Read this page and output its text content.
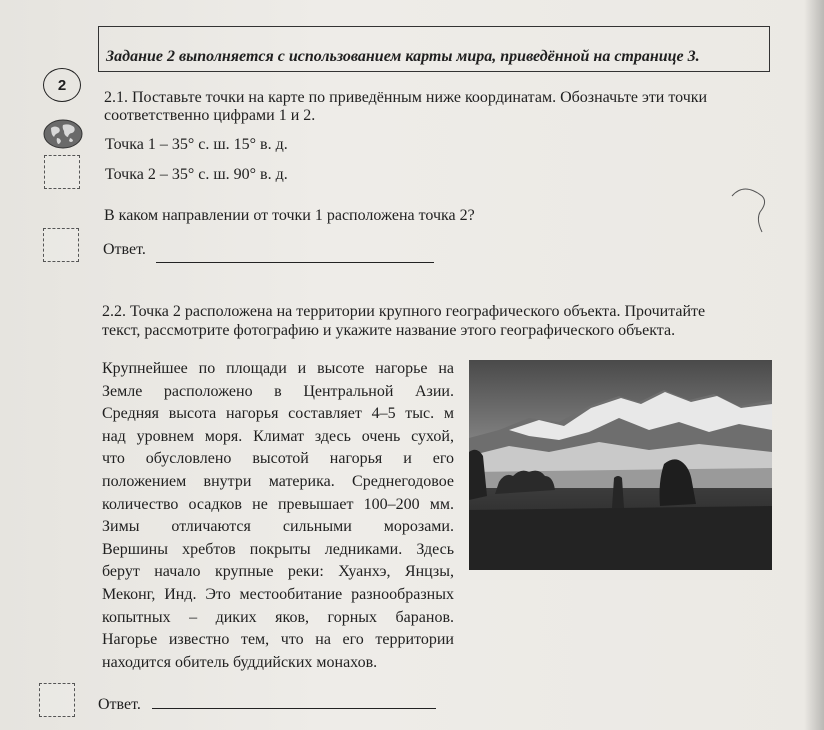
Задание 2 выполняется с использованием карты мира, приведённой на странице 3.
2
2.1. Поставьте точки на карте по приведённым ниже координатам. Обозначьте эти точки
соответственно цифрами 1 и 2.
Точка 1 – 35° с. ш. 15° в. д.
Точка 2 – 35° с. ш. 90° в. д.
В каком направлении от точки 1 расположена точка 2?
Ответ.
2.2. Точка 2 расположена на территории крупного географического объекта. Прочитайте
текст, рассмотрите фотографию и укажите название этого географического объекта.
Крупнейшее по площади и высоте нагорье на
Земле расположено в Центральной Азии.
Средняя высота нагорья составляет 4–5 тыс. м
над уровнем моря. Климат здесь очень сухой,
что обусловлено высотой нагорья и его
положением внутри материка. Среднегодовое
количество осадков не превышает 100–200 мм.
Зимы отличаются сильными морозами.
Вершины хребтов покрыты ледниками. Здесь
берут начало крупные реки: Хуанхэ, Янцзы,
Меконг, Инд. Это местообитание разнообразных
копытных – диких яков, горных баранов.
Нагорье известно тем, что на его территории
находится обитель буддийских монахов.
Ответ.
